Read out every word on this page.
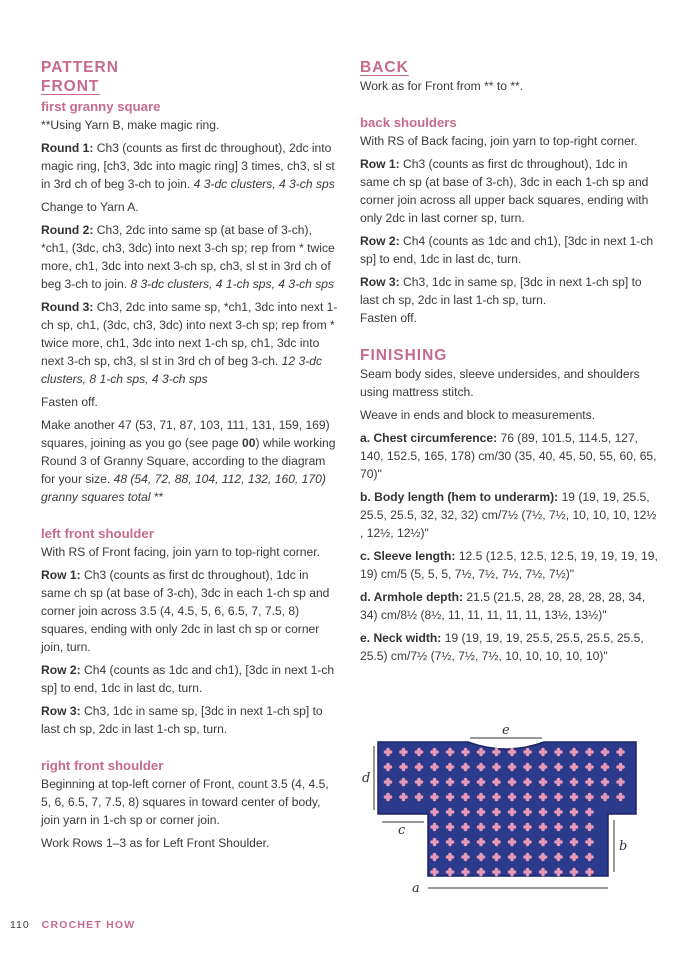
PATTERN
FRONT
first granny square

**Using Yarn B, make magic ring.

Round 1: Ch3 (counts as first dc throughout), 2dc into magic ring, [ch3, 3dc into magic ring] 3 times, ch3, sl st in 3rd ch of beg 3-ch to join. 4 3-dc clusters, 4 3-ch sps

Change to Yarn A.

Round 2: Ch3, 2dc into same sp (at base of 3-ch), *ch1, (3dc, ch3, 3dc) into next 3-ch sp; rep from * twice more, ch1, 3dc into next 3-ch sp, ch3, sl st in 3rd ch of beg 3-ch to join. 8 3-dc clusters, 4 1-ch sps, 4 3-ch sps

Round 3: Ch3, 2dc into same sp, *ch1, 3dc into next 1-ch sp, ch1, (3dc, ch3, 3dc) into next 3-ch sp; rep from * twice more, ch1, 3dc into next 1-ch sp, ch1, 3dc into next 3-ch sp, ch3, sl st in 3rd ch of beg 3-ch. 12 3-dc clusters, 8 1-ch sps, 4 3-ch sps

Fasten off.

Make another 47 (53, 71, 87, 103, 111, 131, 159, 169) squares, joining as you go (see page 00) while working Round 3 of Granny Square, according to the diagram for your size. 48 (54, 72, 88, 104, 112, 132, 160, 170) granny squares total **

left front shoulder

With RS of Front facing, join yarn to top-right corner.

Row 1: Ch3 (counts as first dc throughout), 1dc in same ch sp (at base of 3-ch), 3dc in each 1-ch sp and corner join across 3.5 (4, 4.5, 5, 6, 6.5, 7, 7.5, 8) squares, ending with only 2dc in last ch sp or corner join, turn.

Row 2: Ch4 (counts as 1dc and ch1), [3dc in next 1-ch sp] to end, 1dc in last dc, turn.

Row 3: Ch3, 1dc in same sp, [3dc in next 1-ch sp] to last ch sp, 2dc in last 1-ch sp, turn.

right front shoulder

Beginning at top-left corner of Front, count 3.5 (4, 4.5, 5, 6, 6.5, 7, 7.5, 8) squares in toward center of body, join yarn in 1-ch sp or corner join.

Work Rows 1–3 as for Left Front Shoulder.

BACK

Work as for Front from ** to **.

back shoulders

With RS of Back facing, join yarn to top-right corner.

Row 1: Ch3 (counts as first dc throughout), 1dc in same ch sp (at base of 3-ch), 3dc in each 1-ch sp and corner join across all upper back squares, ending with only 2dc in last corner sp, turn.

Row 2: Ch4 (counts as 1dc and ch1), [3dc in next 1-ch sp] to end, 1dc in last dc, turn.

Row 3: Ch3, 1dc in same sp, [3dc in next 1-ch sp] to last ch sp, 2dc in last 1-ch sp, turn.

Fasten off.

FINISHING

Seam body sides, sleeve undersides, and shoulders using mattress stitch.

Weave in ends and block to measurements.

a. Chest circumference: 76 (89, 101.5, 114.5, 127, 140, 152.5, 165, 178) cm/30 (35, 40, 45, 50, 55, 60, 65, 70)"

b. Body length (hem to underarm): 19 (19, 19, 25.5, 25.5, 25.5, 32, 32, 32) cm/7½ (7½, 7½, 10, 10, 10, 12½ , 12½, 12½)"

c. Sleeve length: 12.5 (12.5, 12.5, 12.5, 19, 19, 19, 19, 19) cm/5 (5, 5, 5, 7½, 7½, 7½, 7½, 7½)"

d. Armhole depth: 21.5 (21.5, 28, 28, 28, 28, 28, 34, 34) cm/8½ (8½, 11, 11, 11, 11, 11, 13½, 13½)"

e. Neck width: 19 (19, 19, 19, 25.5, 25.5, 25.5, 25.5, 25.5) cm/7½ (7½, 7½, 7½, 10, 10, 10, 10, 10)"

e
d
c
b
a
110 CROCHET HOW
